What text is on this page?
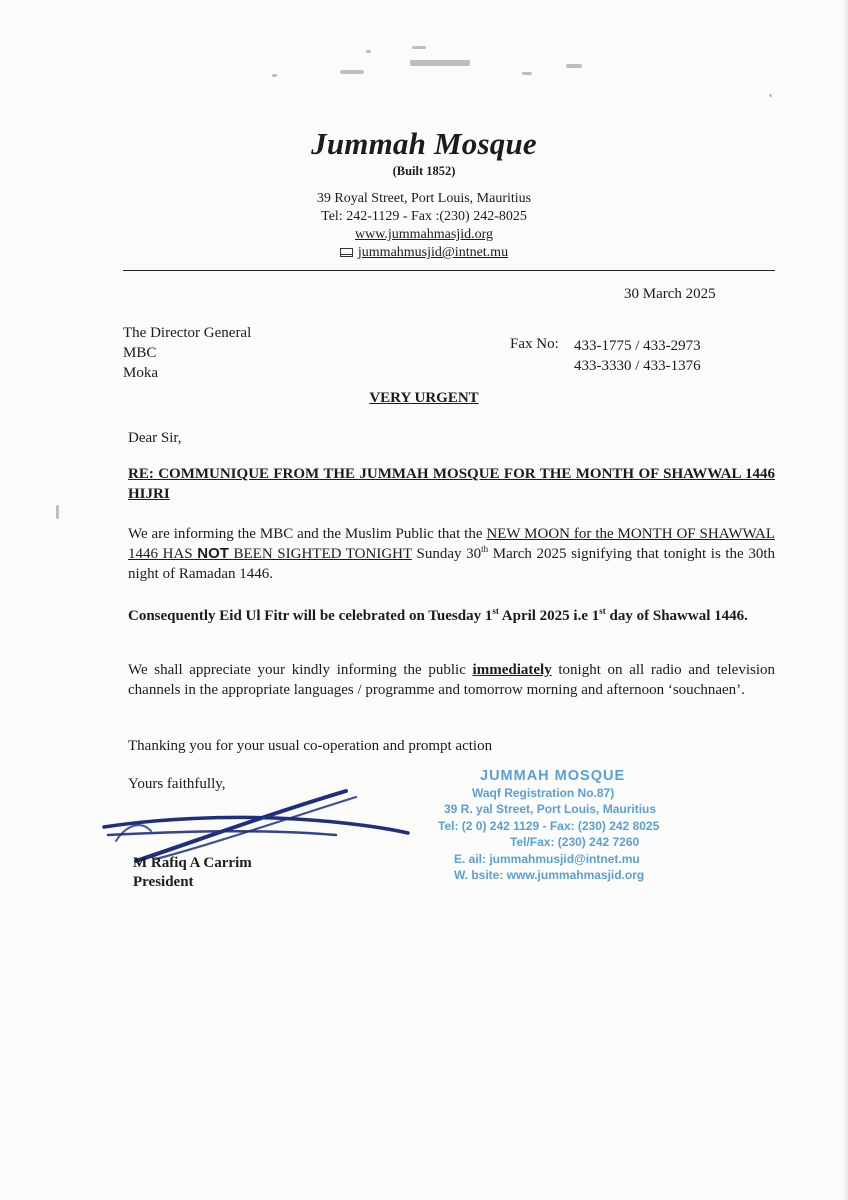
Jummah Mosque
(Built 1852)
39 Royal Street, Port Louis, Mauritius
Tel: 242-1129 - Fax :(230) 242-8025
www.jummahmasjid.org
jummahmusjid@intnet.mu
30 March 2025
The Director General
MBC
Moka
Fax No: 433-1775 / 433-2973
433-3330 / 433-1376
VERY URGENT
Dear Sir,
RE: COMMUNIQUE FROM THE JUMMAH MOSQUE FOR THE MONTH OF SHAWWAL 1446 HIJRI
We are informing the MBC and the Muslim Public that the NEW MOON for the MONTH OF SHAWWAL 1446 HAS NOT BEEN SIGHTED TONIGHT Sunday 30th March 2025 signifying that tonight is the 30th night of Ramadan 1446.
Consequently Eid Ul Fitr will be celebrated on Tuesday 1st April 2025 i.e 1st day of Shawwal 1446.
We shall appreciate your kindly informing the public immediately tonight on all radio and television channels in the appropriate languages / programme and tomorrow morning and afternoon ‘souchnaen’.
Thanking you for your usual co-operation and prompt action
Yours faithfully,
M Rafiq A Carrim
President
JUMMAH MOSQUE
Waqf Registration No.87)
39 R. yal Street, Port Louis, Mauritius
Tel: (2 0) 242 1129 - Fax: (230) 242 8025
Tel/Fax: (230) 242 7260
E. ail: jummahmusjid@intnet.mu
W. bsite: www.jummahmasjid.org
